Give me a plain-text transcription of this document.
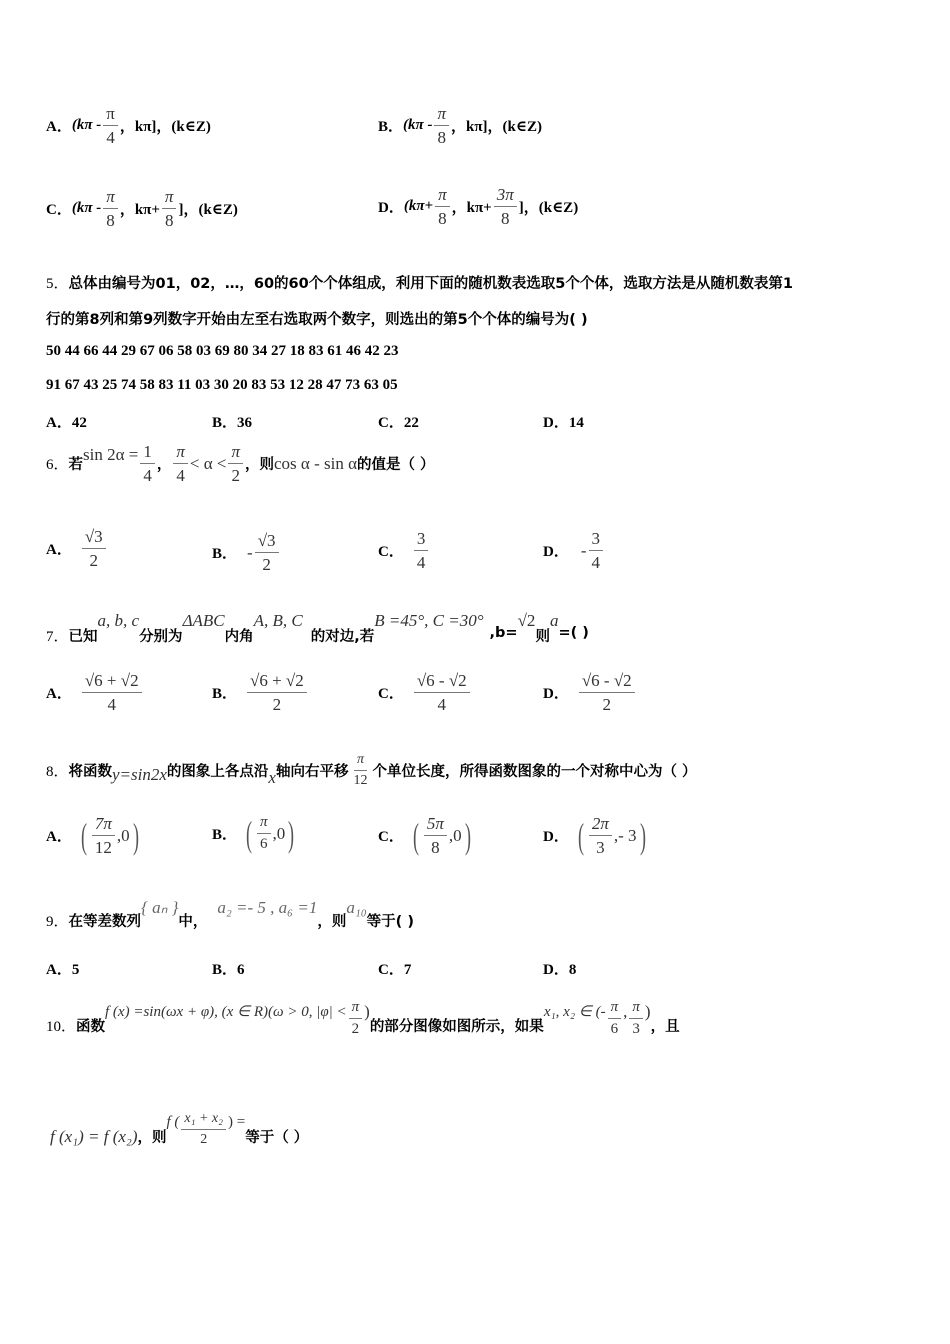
A． ($k\pi - \frac{\pi}{4}$ ，kπ]，(k∈Z)	B． ($k\pi - \frac{\pi}{8}$ ，kπ]，(k∈Z)
C． ($k\pi - \frac{\pi}{8}$ ，$k\pi+ \frac{\pi}{8}$ ]，(k∈Z)	D． ($k\pi+ \frac{\pi}{8}$ ，$k\pi+ \frac{3\pi}{8}$ ]，(k∈Z)
5．总体由编号为01，02，…，60的60个个体组成，利用下面的随机数表选取5个个体，选取方法是从随机数表第1
行的第8列和第9列数字开始由左至右选取两个数字，则选出的第5个个体的编号为( )
50 44 66 44 29 67 06 58 03 69 80 34 27 18 83 61 46 42 23
91 67 43 25 74 58 83 11 03 30 20 83 53 12 28 47 73 63 05
A．42	B．36	C．22	D．14
6． 若
$\sin 2\alpha = \frac{1}{4}$ ， $\frac{\pi}{4} < \alpha < \frac{\pi}{2}$ ，则 cos α - sin α 的值是（ ）
A． $\frac{√3}{2}$	B． - $\frac{√3}{2}$	C． $\frac{3}{4}$	D． - $\frac{3}{4}$
7． 已知
a, b, c
分别为
ΔABC
内角
A, B, C
的对边,若
B =45°, C =30°
,b=
√2
则
a
=( )
A． $\frac{√6 + √2}{4}$	B． $\frac{√6 + √2}{2}$	C． $\frac{√6 - √2}{4}$	D． $\frac{√6 - √2}{2}$
8． 将函数 y=sin2x 的图象上各点沿 x 轴向右平移 $\frac{\pi}{12}$ 个单位长度，所得函数图象的一个对称中心为（ ）
A． ( $\frac{7\pi}{12} ,0$ )	B． ( $\frac{\pi}{6} ,0$ )	C． ( $\frac{5\pi}{8} ,0$ )	D． ( $\frac{2\pi}{3}$ ,- 3 )
9． 在等差数列
{ aₙ }
中，
a₂ =- 5 , a₆ =1
，则
a₁₀
等于( )
A．5	B．6	C．7	D．8
10． 函数
f (x) =sin(ωx + φ), (x ∈ R)(ω > 0, $|\varphi| < \frac{\pi}{2}$ )
的部分图像如图所示，如果
x₁, x₂ ∈ (- $\frac{\pi}{6}$ , $\frac{\pi}{3}$ )
，且
f (x₁) = f (x₂) ，则
f ( $\frac{\text{x₁ + x₂}}{2}$ ) =
等于（ ）
